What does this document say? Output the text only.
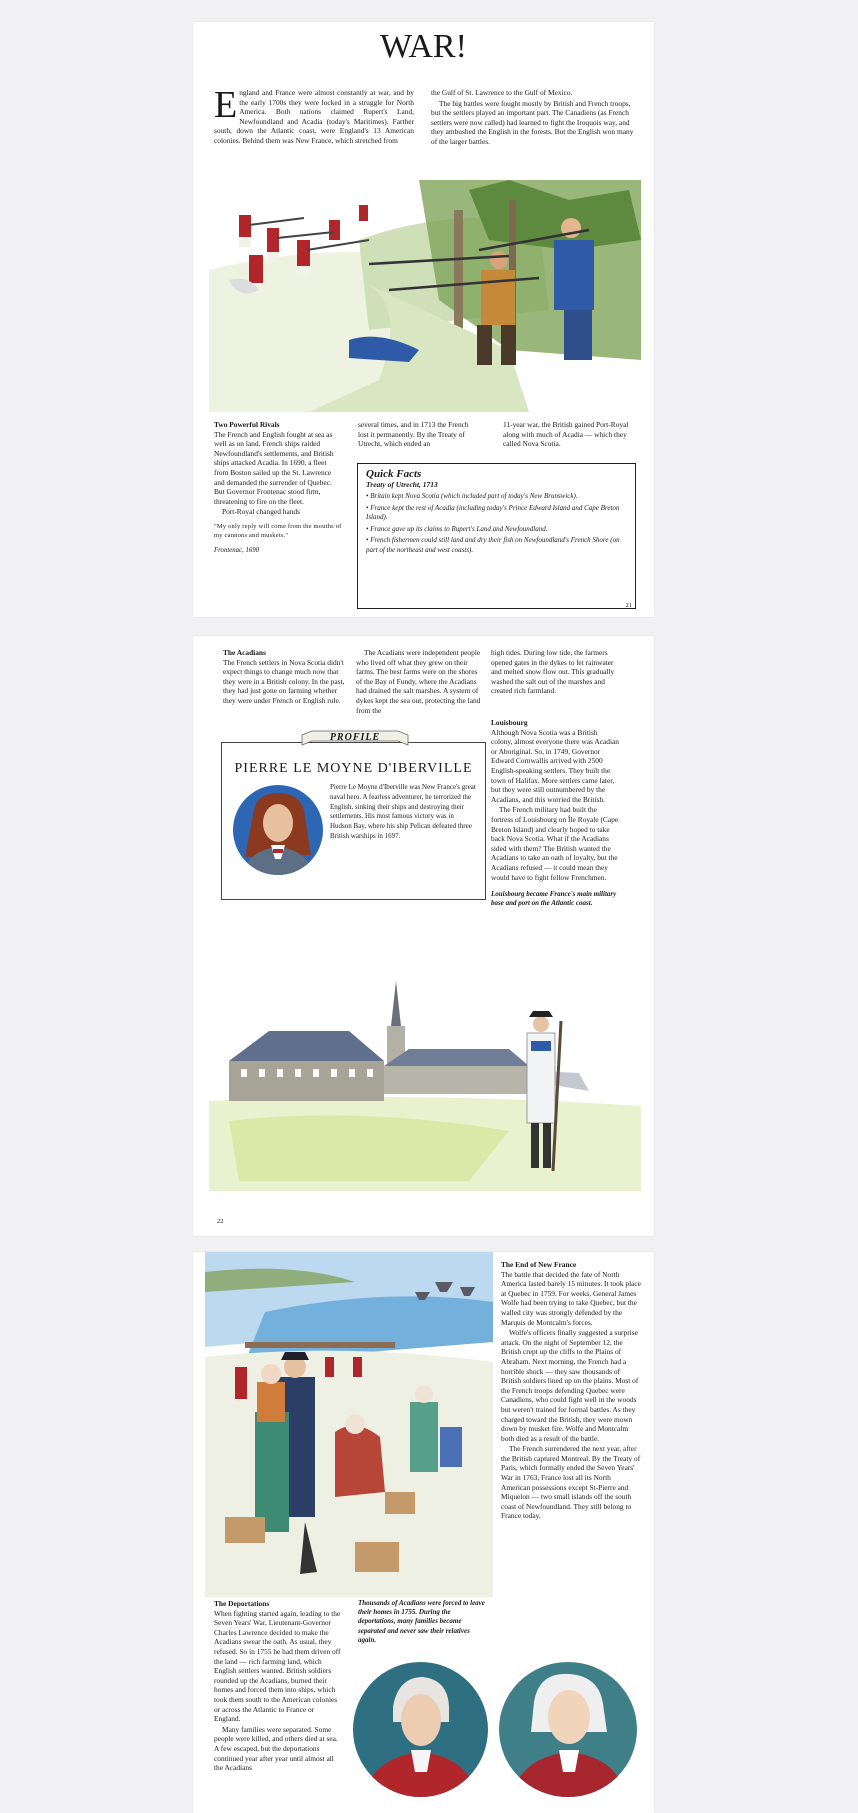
WAR!
England and France were almost constantly at war, and by the early 1700s they were locked in a struggle for North America. Both nations claimed Rupert's Land, Newfoundland and Acadia (today's Maritimes). Farther south, down the Atlantic coast, were England's 13 American colonies. Behind them was New France, which stretched from

the Gulf of St. Lawrence to the Gulf of Mexico.

The big battles were fought mostly by British and French troops, but the settlers played an important part. The Canadiens (as French settlers were now called) had learned to fight the Iroquois way, and they ambushed the English in the forests. But the English won many of the larger battles.

Two Powerful Rivals

The French and English fought at sea as well as on land. French ships raided Newfoundland's settlements, and British ships attacked Acadia. In 1690, a fleet from Boston sailed up the St. Lawrence and demanded the surrender of Quebec. But Governor Frontenac stood firm, threatening to fire on the fleet.

Port-Royal changed hands

"My only reply will come from the mouths of my cannons and muskets."

Frontenac, 1690

several times, and in 1713 the French lost it permanently. By the Treaty of Utrecht, which ended an
11-year war, the British gained Port-Royal along with much of Acadia — which they called Nova Scotia.
Quick Facts
Treaty of Utrecht, 1713
• Britain kept Nova Scotia (which included part of today's New Brunswick).
• France kept the rest of Acadia (including today's Prince Edward Island and Cape Breton Island).
• France gave up its claims to Rupert's Land and Newfoundland.
• French fishermen could still land and dry their fish on Newfoundland's French Shore (on part of the northeast and west coasts).
21
The Acadians

The French settlers in Nova Scotia didn't expect things to change much now that they were in a British colony. In the past, they had just gone on farming whether they were under French or English rule.

The Acadians were independent people who lived off what they grew on their farms. The best farms were on the shores of the Bay of Fundy, where the Acadians had drained the salt marshes. A system of dykes kept the sea out, protecting the land from the
high tides. During low tide, the farmers opened gates in the dykes to let rainwater and melted snow flow out. This gradually washed the salt out of the marshes and created rich farmland.
Louisbourg

Although Nova Scotia was a British colony, almost everyone there was Acadian or Aboriginal. So, in 1749, Governor Edward Cornwallis arrived with 2500 English-speaking settlers. They built the town of Halifax. More settlers came later, but they were still outnumbered by the Acadians, and this worried the British.

The French military had built the fortress of Louisbourg on Île Royale (Cape Breton Island) and clearly hoped to take back Nova Scotia. What if the Acadians sided with them? The British wanted the Acadians to take an oath of loyalty, but the Acadians refused — it could mean they would have to fight fellow Frenchmen.

Louisbourg became France's main military base and port on the Atlantic coast.

PROFILE
PIERRE LE MOYNE D'IBERVILLE
Pierre Le Moyne d'Iberville was New France's great naval hero. A fearless adventurer, he terrorized the English, sinking their ships and destroying their settlements. His most famous victory was in Hudson Bay, where his ship Pelican defeated three British warships in 1697.
22
The End of New France

The battle that decided the fate of North America lasted barely 15 minutes. It took place at Quebec in 1759. For weeks, General James Wolfe had been trying to take Quebec, but the walled city was strongly defended by the Marquis de Montcalm's forces.

Wolfe's officers finally suggested a surprise attack. On the night of September 12, the British crept up the cliffs to the Plains of Abraham. Next morning, the French had a horrible shock — they saw thousands of British soldiers lined up on the plains. Most of the French troops defending Quebec were Canadiens, who could fight well in the woods but weren't trained for formal battles. As they charged toward the British, they were mown down by musket fire. Wolfe and Montcalm both died as a result of the battle.

The French surrendered the next year, after the British captured Montreal. By the Treaty of Paris, which formally ended the Seven Years' War in 1763, France lost all its North American possessions except St-Pierre and Miquelon — two small islands off the south coast of Newfoundland. They still belong to France today.

The Deportations

When fighting started again, leading to the Seven Years' War, Lieutenant-Governor Charles Lawrence decided to make the Acadians swear the oath. As usual, they refused. So in 1755 he had them driven off the land — rich farming land, which English settlers wanted. British soldiers rounded up the Acadians, burned their homes and forced them into ships, which took them south to the American colonies or across the Atlantic to France or England.

Many families were separated. Some people were killed, and others died at sea. A few escaped, but the deportations continued year after year until almost all the Acadians

Thousands of Acadians were forced to leave their homes in 1755. During the deportations, many families became separated and never saw their relatives again.
